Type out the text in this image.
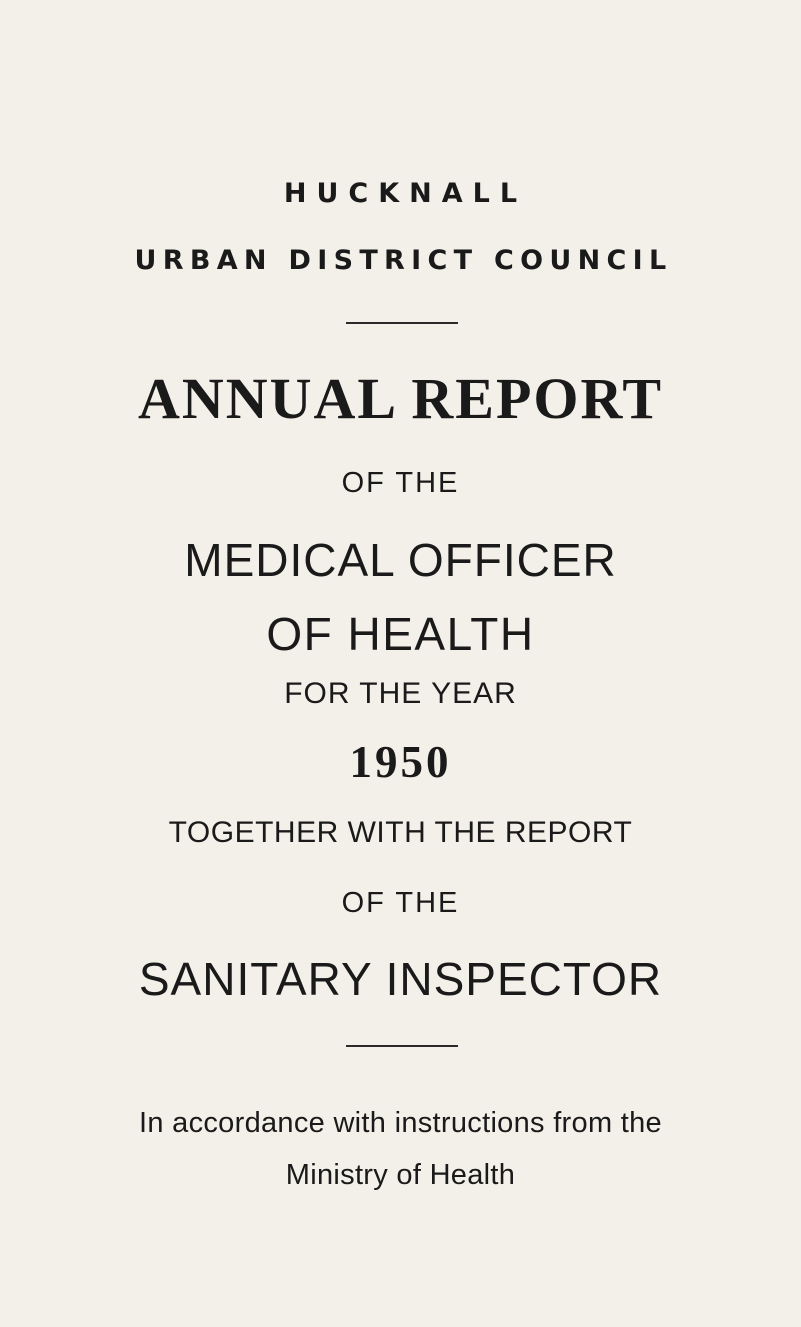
HUCKNALL
URBAN DISTRICT COUNCIL
ANNUAL REPORT
OF THE
MEDICAL OFFICER
OF HEALTH
FOR THE YEAR
1950
TOGETHER WITH THE REPORT
OF THE
SANITARY INSPECTOR
In accordance with instructions from the
Ministry of Health
